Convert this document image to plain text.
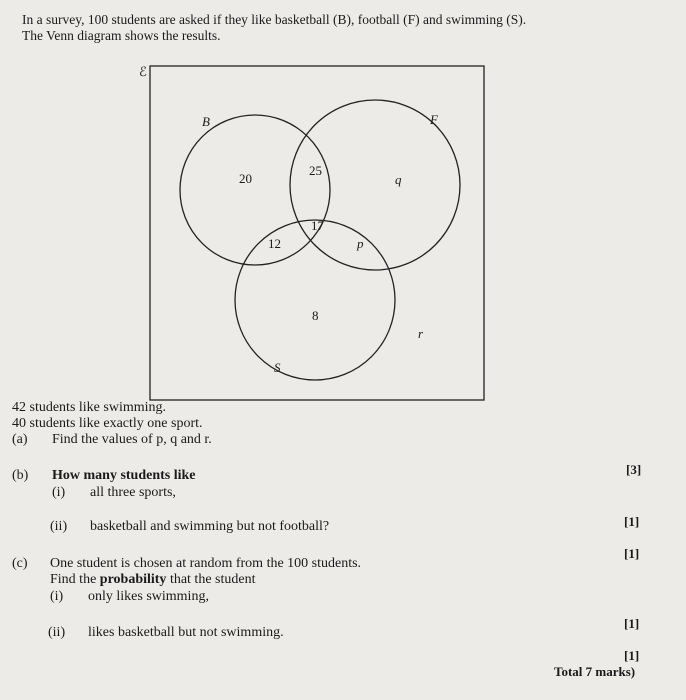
In a survey, 100 students are asked if they like basketball (B), football (F) and swimming (S).
The Venn diagram shows the results.
ℰ
B	F
S
20
25
17
12
q
p
8
r
42 students like swimming.
40 students like exactly one sport.
(a) Find the values of p, q and r.
[3]
(b) How many students like
(i) all three sports,
[1]
(ii) basketball and swimming but not football?
[1]
(c) One student is chosen at random from the 100 students.
Find the probability that the student
(i) only likes swimming,
[1]
(ii) likes basketball but not swimming.
[1]
Total 7 marks)
